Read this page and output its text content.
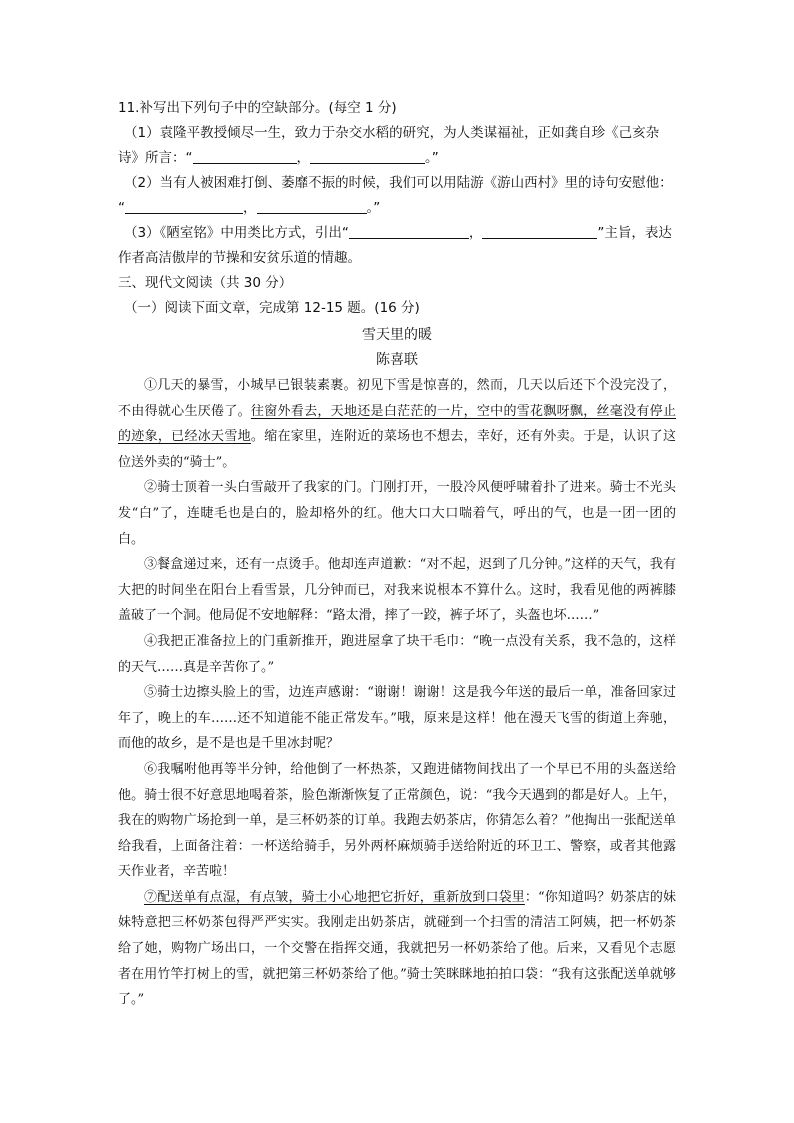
11.补写出下列句子中的空缺部分。(每空 1 分)

（1）袁隆平教授倾尽一生，致力于杂交水稻的研究，为人类谋福祉，正如龚自珍《己亥杂

诗》所言：“	，	。”

（2）当有人被困难打倒、萎靡不振的时候，我们可以用陆游《游山西村》里的诗句安慰他：

“	，	。”

（3）《陋室铭》中用类比方式，引出“	，	”主旨，表达

作者高洁傲岸的节操和安贫乐道的情趣。

三、现代文阅读（共 30 分）

（一）阅读下面文章，完成第 12-15 题。(16 分)

雪天里的暖

陈喜联

①几天的暴雪，小城早已银装素裹。初见下雪是惊喜的，然而，几天以后还下个没完没了，不由得就心生厌倦了。往窗外看去，天地还是白茫茫的一片，空中的雪花飘呀飘，丝毫没有停止的迹象，已经冰天雪地。缩在家里，连附近的菜场也不想去，幸好，还有外卖。于是，认识了这位送外卖的“骑士”。

②骑士顶着一头白雪敲开了我家的门。门刚打开，一股冷风便呼啸着扑了进来。骑士不光头发“白”了，连睫毛也是白的，脸却格外的红。他大口大口喘着气，呼出的气，也是一团一团的白。

③餐盒递过来，还有一点烫手。他却连声道歉：“对不起，迟到了几分钟。”这样的天气，我有大把的时间坐在阳台上看雪景，几分钟而已，对我来说根本不算什么。这时，我看见他的两裤膝盖破了一个洞。他局促不安地解释：“路太滑，摔了一跤，裤子坏了，头盔也坏……”

④我把正准备拉上的门重新推开，跑进屋拿了块干毛巾：“晚一点没有关系，我不急的，这样的天气……真是辛苦你了。”

⑤骑士边擦头脸上的雪，边连声感谢：“谢谢！谢谢！这是我今年送的最后一单，准备回家过年了，晚上的车……还不知道能不能正常发车。”哦，原来是这样！他在漫天飞雪的街道上奔驰，而他的故乡，是不是也是千里冰封呢？

⑥我嘱咐他再等半分钟，给他倒了一杯热茶，又跑进储物间找出了一个早已不用的头盔送给他。骑士很不好意思地喝着茶，脸色渐渐恢复了正常颜色，说：“我今天遇到的都是好人。上午，我在的购物广场抢到一单，是三杯奶茶的订单。我跑去奶茶店，你猜怎么着？”他掏出一张配送单给我看，上面备注着：一杯送给骑手，另外两杯麻烦骑手送给附近的环卫工、警察，或者其他露天作业者，辛苦啦！

⑦配送单有点湿，有点皱，骑士小心地把它折好，重新放到口袋里：“你知道吗？奶茶店的妹妹特意把三杯奶茶包得严严实实。我刚走出奶茶店，就碰到一个扫雪的清洁工阿姨，把一杯奶茶给了她，购物广场出口，一个交警在指挥交通，我就把另一杯奶茶给了他。后来，又看见个志愿者在用竹竿打树上的雪，就把第三杯奶茶给了他。”骑士笑眯眯地拍拍口袋：“我有这张配送单就够了。”
